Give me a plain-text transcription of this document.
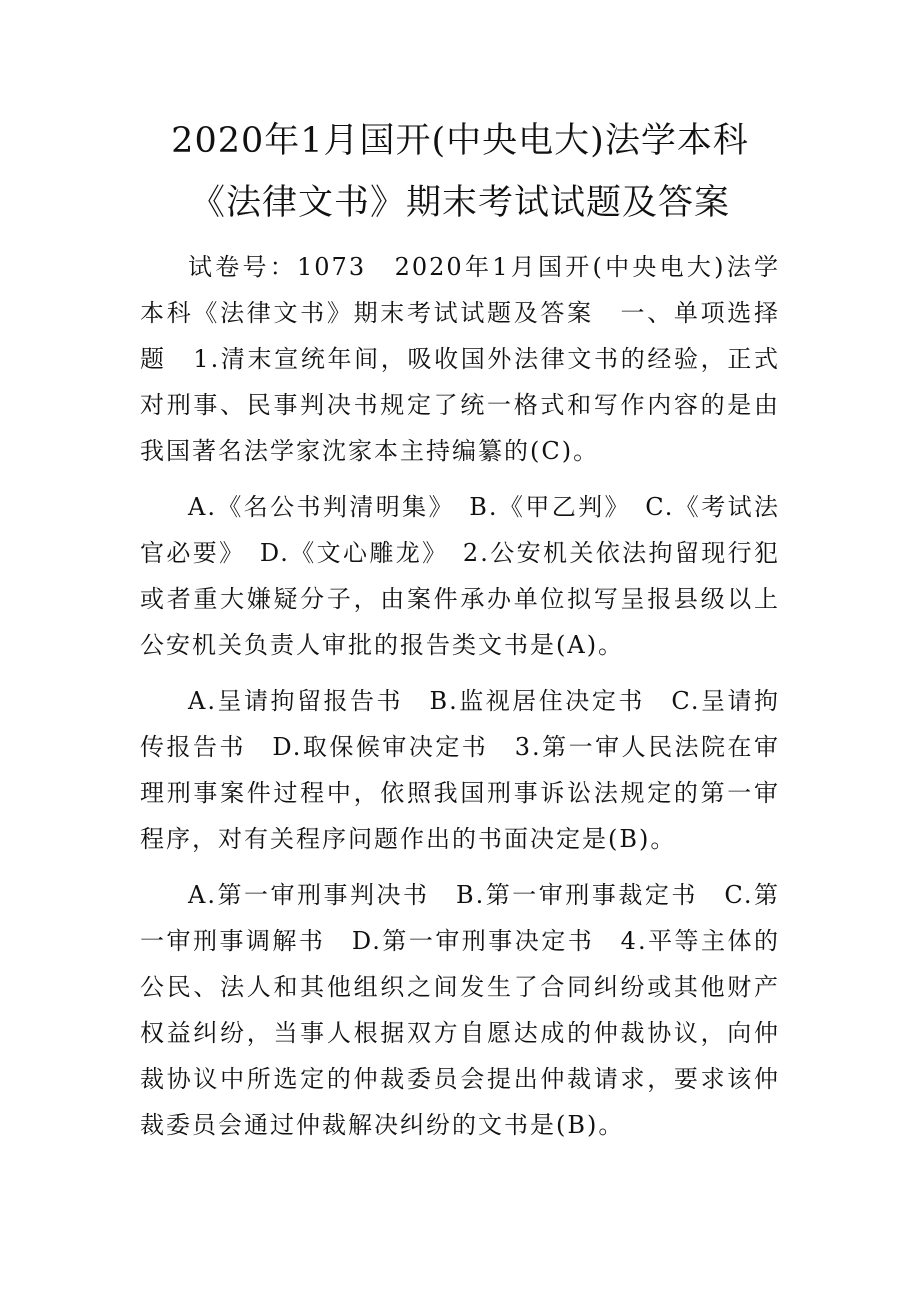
2020年1月国开(中央电大)法学本科《法律文书》期末考试试题及答案

试卷号：1073　2020年1月国开(中央电大)法学本科《法律文书》期末考试试题及答案　一、单项选择题　1.清末宣统年间，吸收国外法律文书的经验，正式对刑事、民事判决书规定了统一格式和写作内容的是由我国著名法学家沈家本主持编纂的(C)。

A.《名公书判清明集》　B.《甲乙判》　C.《考试法官必要》　D.《文心雕龙》　2.公安机关依法拘留现行犯或者重大嫌疑分子，由案件承办单位拟写呈报县级以上公安机关负责人审批的报告类文书是(A)。

A.呈请拘留报告书　B.监视居住决定书　C.呈请拘传报告书　D.取保候审决定书　3.第一审人民法院在审理刑事案件过程中，依照我国刑事诉讼法规定的第一审程序，对有关程序问题作出的书面决定是(B)。

A.第一审刑事判决书　B.第一审刑事裁定书　C.第一审刑事调解书　D.第一审刑事决定书　4.平等主体的公民、法人和其他组织之间发生了合同纠纷或其他财产权益纠纷，当事人根据双方自愿达成的仲裁协议，向仲裁协议中所选定的仲裁委员会提出仲裁请求，要求该仲裁委员会通过仲裁解决纠纷的文书是(B)。
